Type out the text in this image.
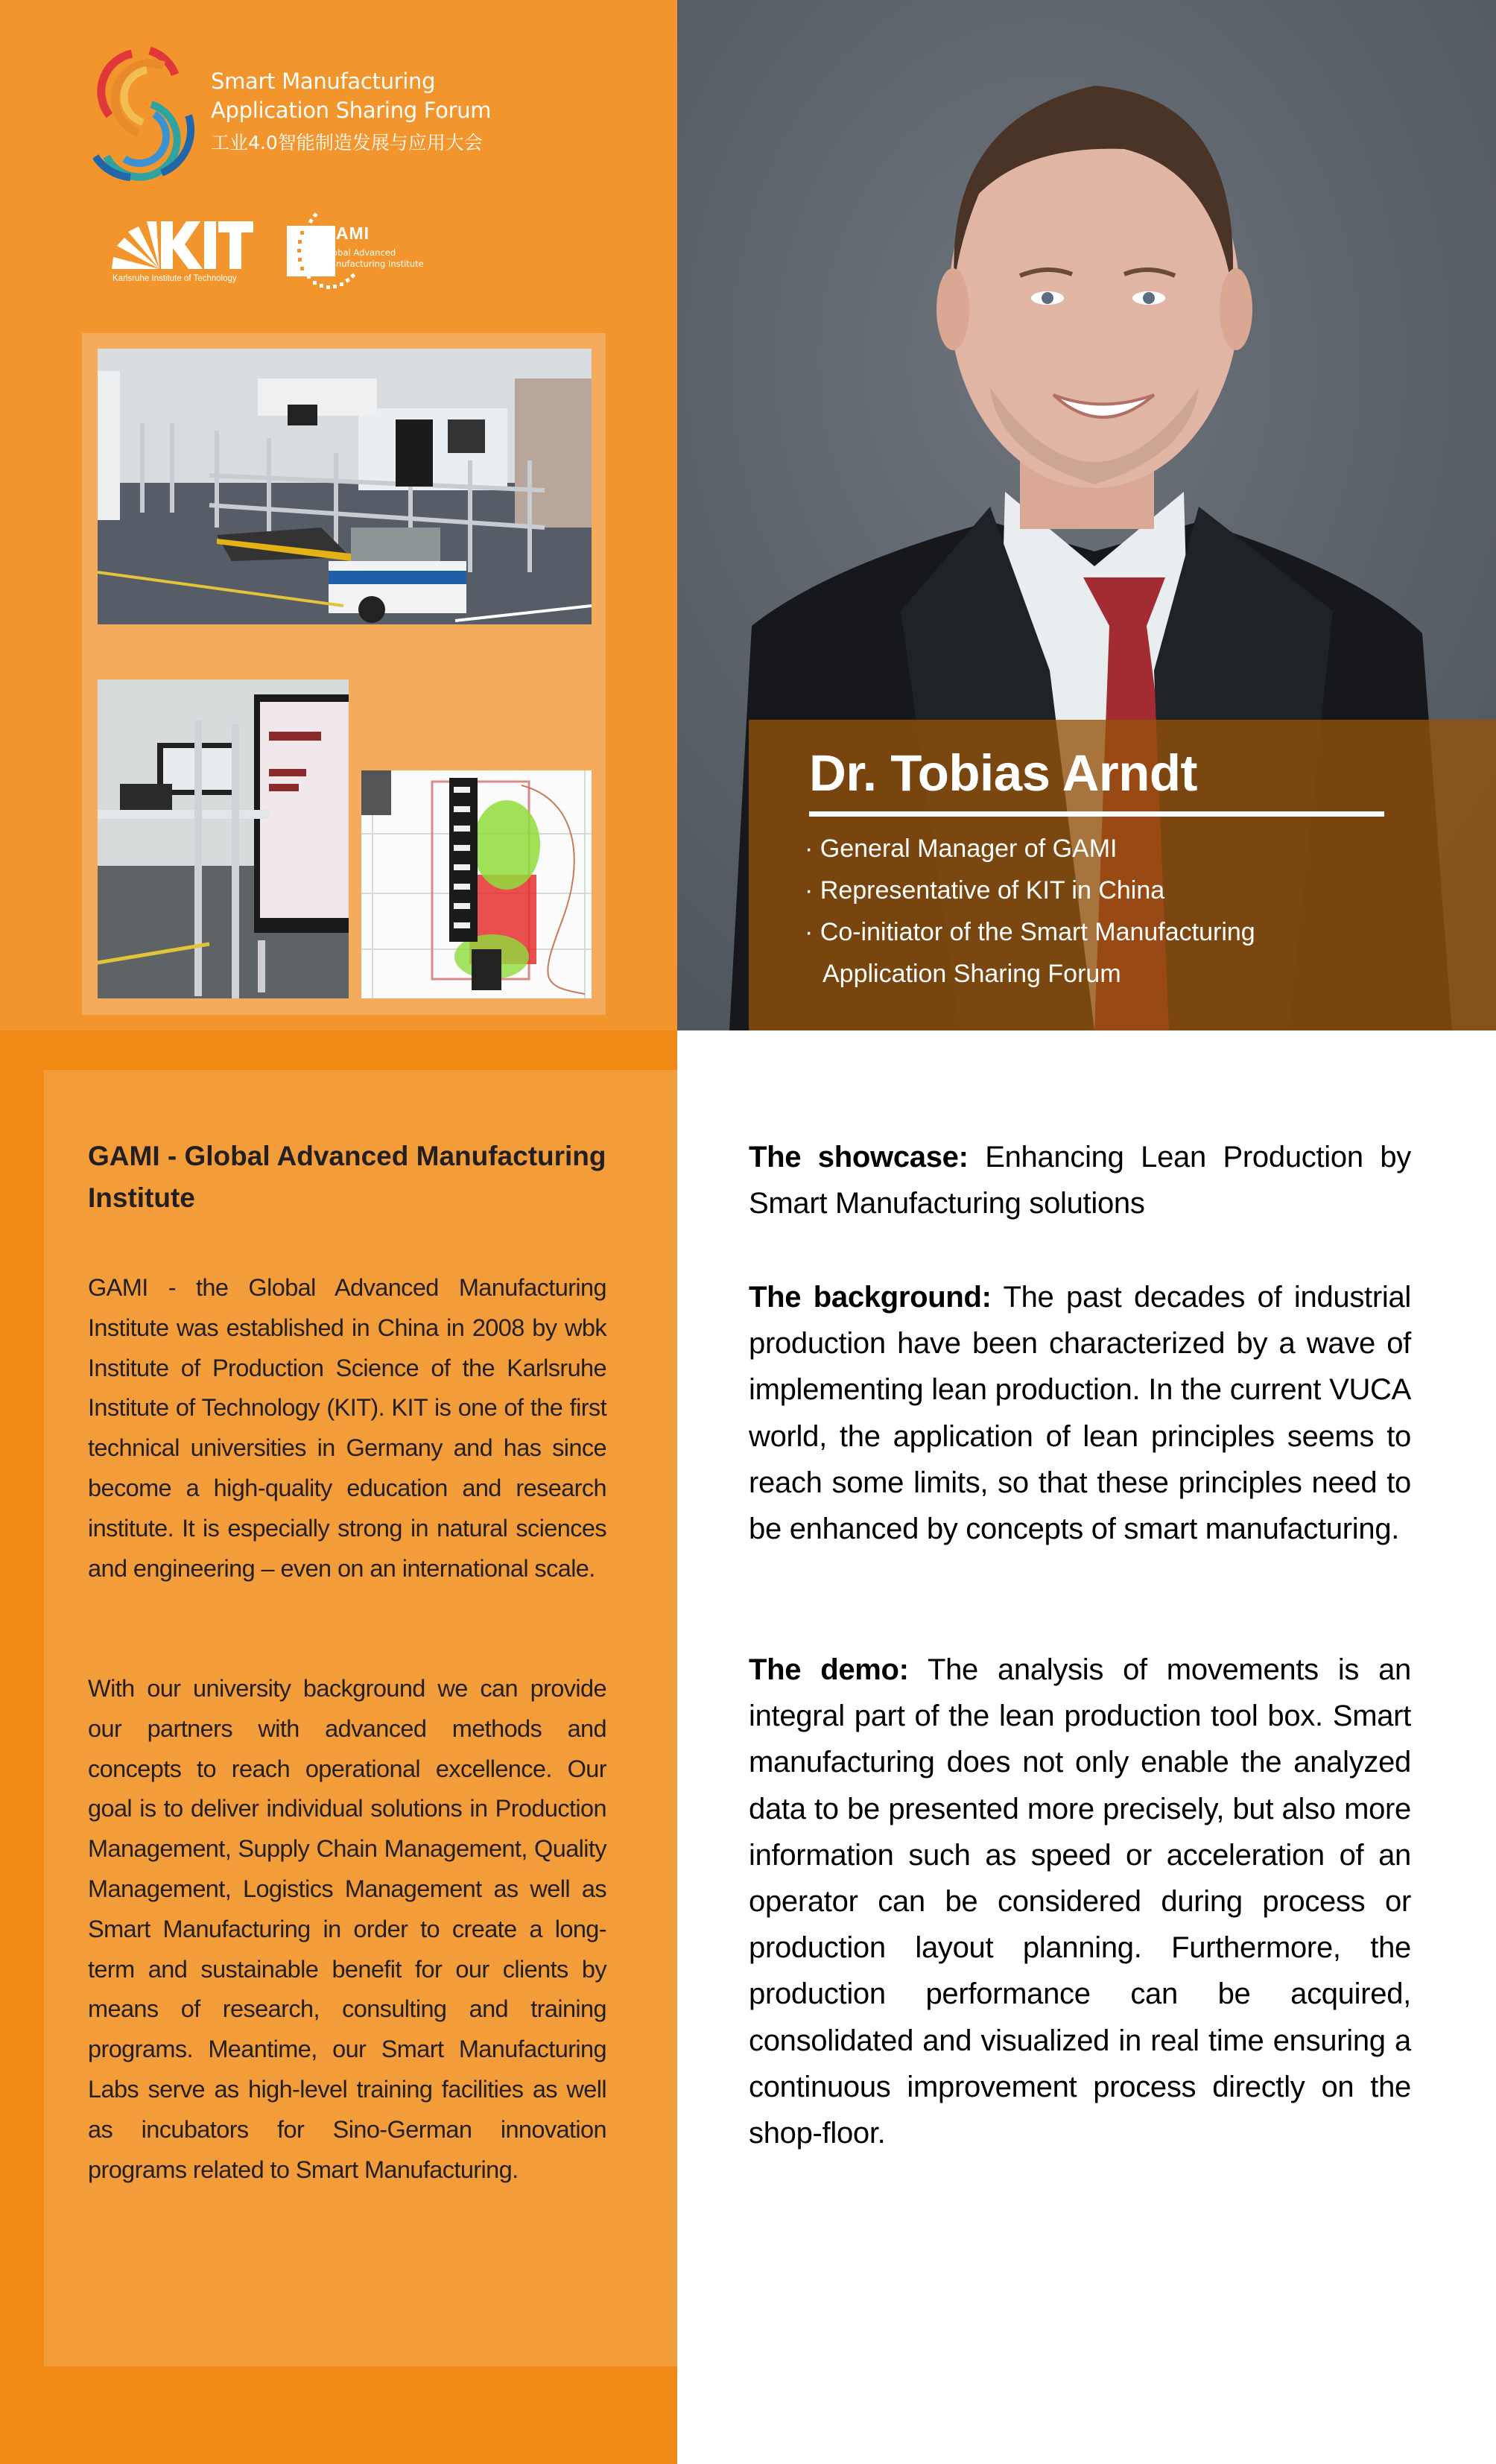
Smart Manufacturing
Application Sharing Forum
工业4.0智能制造发展与应用大会
Karlsruhe Institute of Technology
GAMI
Global Advanced
Manufacturing Institute
Dr. Tobias Arndt
· General Manager of GAMI
· Representative of KIT in China
· Co-initiator of the Smart Manufacturing
Application Sharing Forum
GAMI - Global Advanced Manufacturing Institute
GAMI - the Global Advanced Manufacturing Institute was established in China in 2008 by wbk Institute of Production Science of the Karlsruhe Institute of Technology (KIT). KIT is one of the first technical universities in Germany and has since become a high-quality education and research institute. It is especially strong in natural sciences and engineering – even on an international scale.
With our university background we can provide our partners with advanced methods and concepts to reach operational excellence. Our goal is to deliver individual solutions in Production Management, Supply Chain Management, Quality Management, Logistics Management as well as Smart Manufacturing in order to create a long-term and sustainable benefit for our clients by means of research, consulting and training programs. Meantime, our Smart Manufacturing Labs serve as high-level training facilities as well as incubators for Sino-German innovation programs related to Smart Manufacturing.
The showcase: Enhancing Lean Production by Smart Manufacturing solutions
The background: The past decades of industrial production have been characterized by a wave of implementing lean production. In the current VUCA world, the application of lean principles seems to reach some limits, so that these principles need to be enhanced by concepts of smart manufacturing.
The demo: The analysis of movements is an integral part of the lean production tool box. Smart manufacturing does not only enable the analyzed data to be presented more precisely, but also more information such as speed or acceleration of an operator can be considered during process or production layout planning. Furthermore, the production performance can be acquired, consolidated and visualized in real time ensuring a continuous improvement process directly on the shop-floor.
